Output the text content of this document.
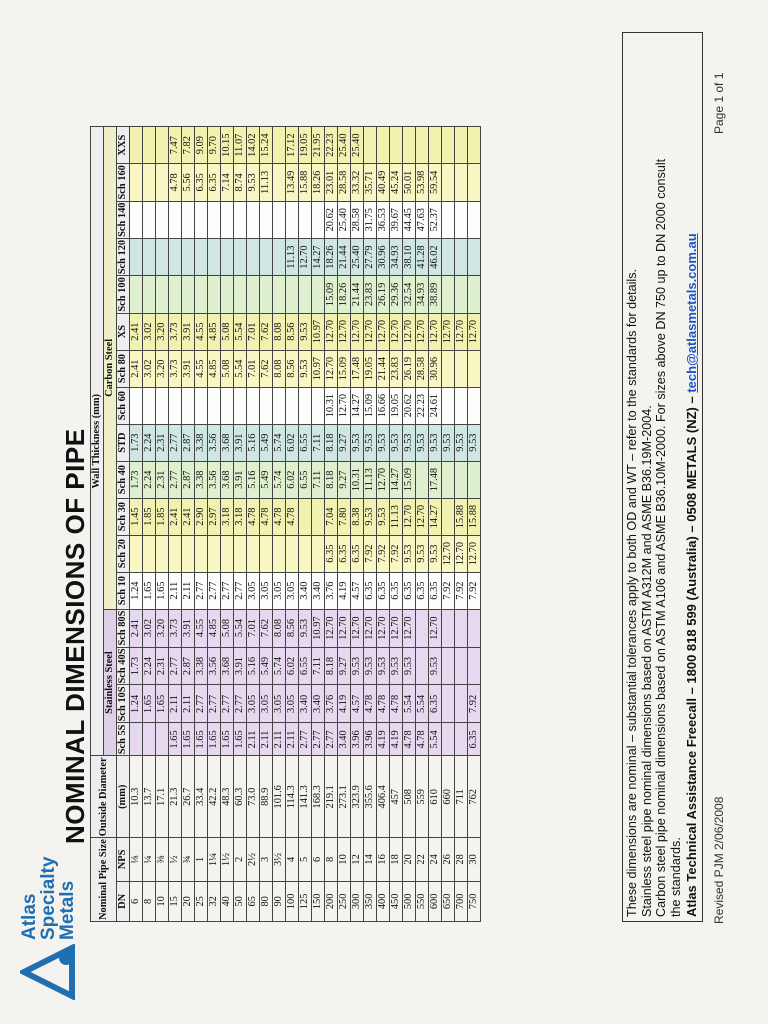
Atlas
Specialty
Metals
NOMINAL DIMENSIONS OF PIPE
Nominal Pipe Size		Outside Diameter	Wall Thickness (mm)																
			Stainless Steel				Carbon Steel												
DN	NPS	(mm)	Sch 5S	Sch 10S	Sch 40S	Sch 80S	Sch 10	Sch 20	Sch 30	Sch 40	STD	Sch 60	Sch 80	XS	Sch 100	Sch 120	Sch 140	Sch 160	XXS
6	⅛	10.3		1.24	1.73	2.41	1.24		1.45	1.73	1.73		2.41	2.41					
8	¼	13.7		1.65	2.24	3.02	1.65		1.85	2.24	2.24		3.02	3.02					
10	⅜	17.1		1.65	2.31	3.20	1.65		1.85	2.31	2.31		3.20	3.20					
15	½	21.3	1.65	2.11	2.77	3.73	2.11		2.41	2.77	2.77		3.73	3.73				4.78	7.47
20	¾	26.7	1.65	2.11	2.87	3.91	2.11		2.41	2.87	2.87		3.91	3.91				5.56	7.82
25	1	33.4	1.65	2.77	3.38	4.55	2.77		2.90	3.38	3.38		4.55	4.55				6.35	9.09
32	1¼	42.2	1.65	2.77	3.56	4.85	2.77		2.97	3.56	3.56		4.85	4.85				6.35	9.70
40	1½	48.3	1.65	2.77	3.68	5.08	2.77		3.18	3.68	3.68		5.08	5.08				7.14	10.15
50	2	60.3	1.65	2.77	3.91	5.54	2.77		3.18	3.91	3.91		5.54	5.54				8.74	11.07
65	2½	73.0	2.11	3.05	5.16	7.01	3.05		4.78	5.16	5.16		7.01	7.01				9.53	14.02
80	3	88.9	2.11	3.05	5.49	7.62	3.05		4.78	5.49	5.49		7.62	7.62				11.13	15.24
90	3½	101.6	2.11	3.05	5.74	8.08	3.05		4.78	5.74	5.74		8.08	8.08					
100	4	114.3	2.11	3.05	6.02	8.56	3.05		4.78	6.02	6.02		8.56	8.56		11.13		13.49	17.12
125	5	141.3	2.77	3.40	6.55	9.53	3.40			6.55	6.55		9.53	9.53		12.70		15.88	19.05
150	6	168.3	2.77	3.40	7.11	10.97	3.40			7.11	7.11		10.97	10.97		14.27		18.26	21.95
200	8	219.1	2.77	3.76	8.18	12.70	3.76	6.35	7.04	8.18	8.18	10.31	12.70	12.70	15.09	18.26	20.62	23.01	22.23
250	10	273.1	3.40	4.19	9.27	12.70	4.19	6.35	7.80	9.27	9.27	12.70	15.09	12.70	18.26	21.44	25.40	28.58	25.40
300	12	323.9	3.96	4.57	9.53	12.70	4.57	6.35	8.38	10.31	9.53	14.27	17.48	12.70	21.44	25.40	28.58	33.32	25.40
350	14	355.6	3.96	4.78	9.53	12.70	6.35	7.92	9.53	11.13	9.53	15.09	19.05	12.70	23.83	27.79	31.75	35.71	
400	16	406.4	4.19	4.78	9.53	12.70	6.35	7.92	9.53	12.70	9.53	16.66	21.44	12.70	26.19	30.96	36.53	40.49	
450	18	457	4.19	4.78	9.53	12.70	6.35	7.92	11.13	14.27	9.53	19.05	23.83	12.70	29.36	34.93	39.67	45.24	
500	20	508	4.78	5.54	9.53	12.70	6.35	9.53	12.70	15.09	9.53	20.62	26.19	12.70	32.54	38.10	44.45	50.01	
550	22	559	4.78	5.54			6.35	9.53	12.70		9.53	22.23	28.58	12.70	34.93	41.28	47.63	53.98	
600	24	610	5.54	6.35	9.53	12.70	6.35	9.53	14.27	17.48	9.53	24.61	30.96	12.70	38.89	46.02	52.37	59.54	
650	26	660					7.92	12.70			9.53			12.70					
700	28	711					7.92	12.70	15.88		9.53			12.70					
750	30	762	6.35	7.92			7.92	12.70	15.88		9.53			12.70						These dimensions are nominal – substantial tolerances apply to both OD and WT – refer to the standards for details. Stainless steel pipe nominal dimensions based on ASTM A312M and ASME B36.19M-2004. Carbon steel pipe nominal dimensions based on ASTM A106 and ASME B36.10M-2000. For sizes above DN 750 up to DN 2000 consult the standards. Atlas Technical Assistance Freecall – 1800 818 599 (Australia) – 0508 METALS (NZ) – tech@atlasmetals.com.au
Revised PJM 2/06/2008
Page 1 of 1
